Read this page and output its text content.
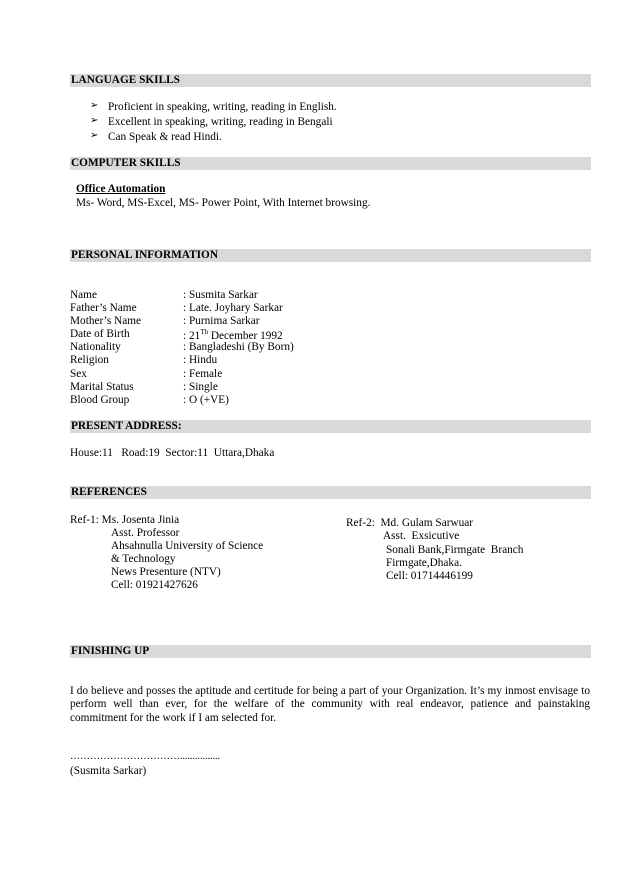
LANGUAGE SKILLS
➢ Proficient in speaking, writing, reading in English.
➢ Excellent in speaking, writing, reading in Bengali
➢ Can Speak & read Hindi.
COMPUTER SKILLS
Office Automation
Ms- Word, MS-Excel, MS- Power Point, With Internet browsing.
PERSONAL INFORMATION
Name	: Susmita Sarkar
Father’s Name	: Late. Joyhary Sarkar
Mother’s Name	: Purnima Sarkar
Date of Birth	: 21Th December 1992
Nationality	: Bangladeshi (By Born)
Religion	: Hindu
Sex	: Female
Marital Status	: Single
Blood Group	: O (+VE)
PRESENT ADDRESS:
House:11   Road:19  Sector:11  Uttara,Dhaka
REFERENCES
Ref-1: Ms. Josenta Jinia
Asst. Professor
Ahsahnulla University of Science
& Technology
News Presenture (NTV)
Cell: 01921427626
Ref-2:  Md. Gulam Sarwuar
Asst.  Exsicutive
Sonali Bank,Firmgate  Branch
Firmgate,Dhaka.
Cell: 01714446199
FINISHING UP
I do believe and posses the aptitude and certitude for being a part of your Organization. It’s my inmost envisage to perform well than ever, for the welfare of the community with real endeavor, patience and painstaking commitment for the work if I am selected for.
……………………………................
(Susmita Sarkar)
